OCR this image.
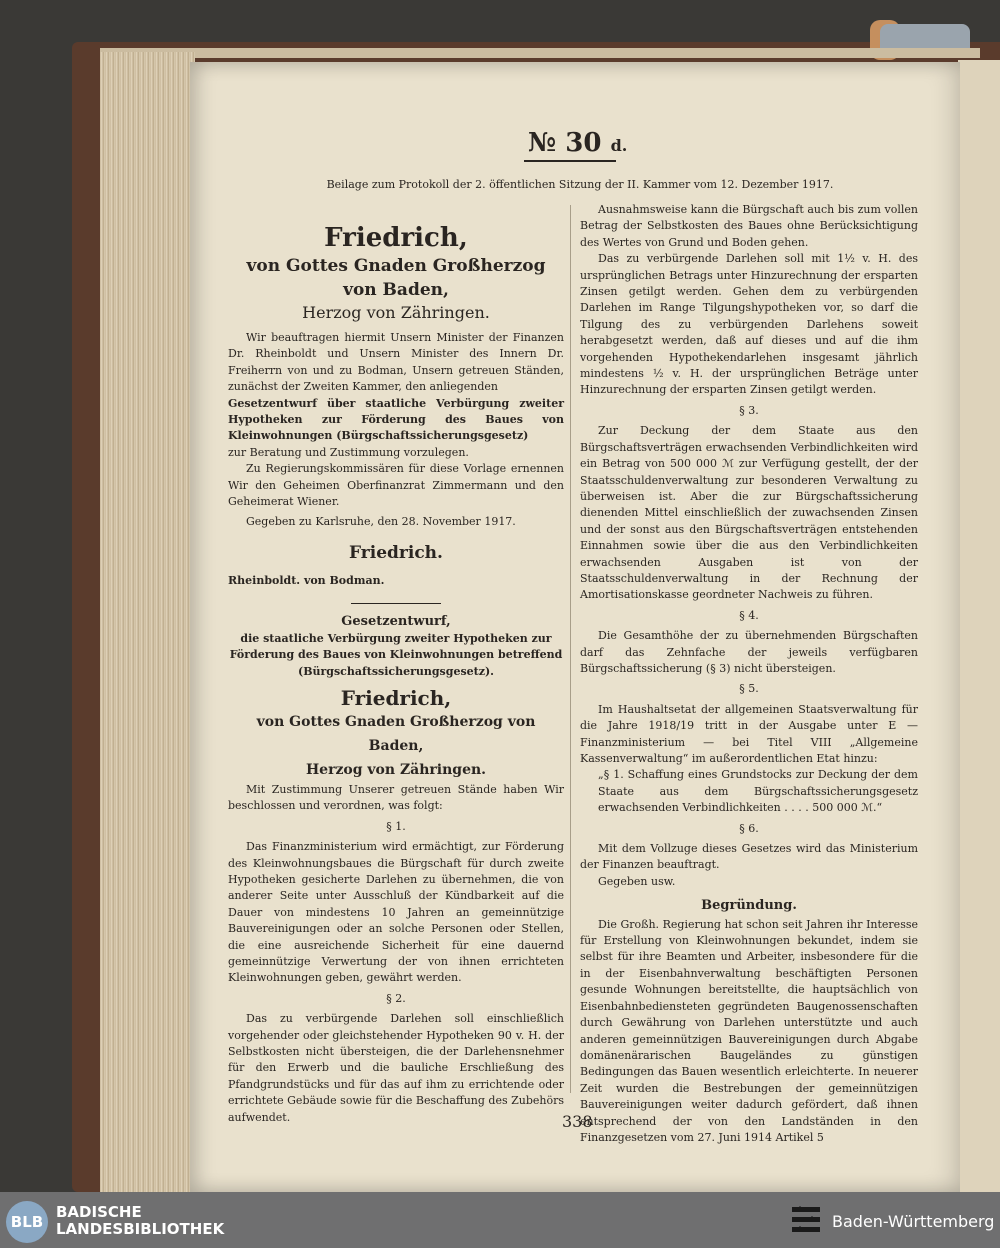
№ 30 d.
Beilage zum Protokoll der 2. öffentlichen Sitzung der II. Kammer vom 12. Dezember 1917.
Friedrich,
von Gottes Gnaden Großherzog von Baden,
Herzog von Zähringen.
Wir beauftragen hiermit Unsern Minister der Finanzen Dr. Rheinboldt und Unsern Minister des Innern Dr. Freiherrn von und zu Bodman, Unsern getreuen Ständen, zunächst der Zweiten Kammer, den anliegenden
Gesetzentwurf über staatliche Verbürgung zweiter Hypotheken zur Förderung des Baues von Kleinwohnungen (Bürgschaftssicherungsgesetz)
zur Beratung und Zustimmung vorzulegen.
Zu Regierungskommissären für diese Vorlage ernennen Wir den Geheimen Oberfinanzrat Zimmermann und den Geheimerat Wiener.
Gegeben zu Karlsruhe, den 28. November 1917.
Friedrich.
Rheinboldt. von Bodman.
Gesetzentwurf,
die staatliche Verbürgung zweiter Hypotheken zur Förderung des Baues von Kleinwohnungen betreffend (Bürgschaftssicherungsgesetz).
Friedrich,
von Gottes Gnaden Großherzog von Baden,
Herzog von Zähringen.
Mit Zustimmung Unserer getreuen Stände haben Wir beschlossen und verordnen, was folgt:
§ 1.
Das Finanzministerium wird ermächtigt, zur Förderung des Kleinwohnungsbaues die Bürgschaft für durch zweite Hypotheken gesicherte Darlehen zu übernehmen, die von anderer Seite unter Ausschluß der Kündbarkeit auf die Dauer von mindestens 10 Jahren an gemeinnützige Bauvereinigungen oder an solche Personen oder Stellen, die eine ausreichende Sicherheit für eine dauernd gemeinnützige Verwertung der von ihnen errichteten Kleinwohnungen geben, gewährt werden.
§ 2.
Das zu verbürgende Darlehen soll einschließlich vorgehender oder gleichstehender Hypotheken 90 v. H. der Selbstkosten nicht übersteigen, die der Darlehensnehmer für den Erwerb und die bauliche Erschließung des Pfandgrundstücks und für das auf ihm zu errichtende oder errichtete Gebäude sowie für die Beschaffung des Zubehörs aufwendet.
Ausnahmsweise kann die Bürgschaft auch bis zum vollen Betrag der Selbstkosten des Baues ohne Berücksichtigung des Wertes von Grund und Boden gehen.
Das zu verbürgende Darlehen soll mit 1½ v. H. des ursprünglichen Betrags unter Hinzurechnung der ersparten Zinsen getilgt werden. Gehen dem zu verbürgenden Darlehen im Range Tilgungshypotheken vor, so darf die Tilgung des zu verbürgenden Darlehens soweit herabgesetzt werden, daß auf dieses und auf die ihm vorgehenden Hypothekendarlehen insgesamt jährlich mindestens ½ v. H. der ursprünglichen Beträge unter Hinzurechnung der ersparten Zinsen getilgt werden.
§ 3.
Zur Deckung der dem Staate aus den Bürgschaftsverträgen erwachsenden Verbindlichkeiten wird ein Betrag von 500 000 ℳ zur Verfügung gestellt, der der Staatsschuldenverwaltung zur besonderen Verwaltung zu überweisen ist. Aber die zur Bürgschaftssicherung dienenden Mittel einschließlich der zuwachsenden Zinsen und der sonst aus den Bürgschaftsverträgen entstehenden Einnahmen sowie über die aus den Verbindlichkeiten erwachsenden Ausgaben ist von der Staatsschuldenverwaltung in der Rechnung der Amortisationskasse geordneter Nachweis zu führen.
§ 4.
Die Gesamthöhe der zu übernehmenden Bürgschaften darf das Zehnfache der jeweils verfügbaren Bürgschaftssicherung (§ 3) nicht übersteigen.
§ 5.
Im Haushaltsetat der allgemeinen Staatsverwaltung für die Jahre 1918/19 tritt in der Ausgabe unter E — Finanzministerium — bei Titel VIII „Allgemeine Kassenverwaltung“ im außerordentlichen Etat hinzu:
„§ 1. Schaffung eines Grundstocks zur Deckung der dem Staate aus dem Bürgschaftssicherungsgesetz erwachsenden Verbindlichkeiten . . . . 500 000 ℳ.“
§ 6.
Mit dem Vollzuge dieses Gesetzes wird das Ministerium der Finanzen beauftragt.
Gegeben usw.
Begründung.
Die Großh. Regierung hat schon seit Jahren ihr Interesse für Erstellung von Kleinwohnungen bekundet, indem sie selbst für ihre Beamten und Arbeiter, insbesondere für die in der Eisenbahnverwaltung beschäftigten Personen gesunde Wohnungen bereitstellte, die hauptsächlich von Eisenbahnbediensteten gegründeten Baugenossenschaften durch Gewährung von Darlehen unterstützte und auch anderen gemeinnützigen Bauvereinigungen durch Abgabe domänenärarischen Baugeländes zu günstigen Bedingungen das Bauen wesentlich erleichterte. In neuerer Zeit wurden die Bestrebungen der gemeinnützigen Bauvereinigungen weiter dadurch gefördert, daß ihnen entsprechend der von den Landständen in den Finanzgesetzen vom 27. Juni 1914 Artikel 5
338
BLB
BADISCHE
LANDESBIBLIOTHEK	Baden-Württemberg
